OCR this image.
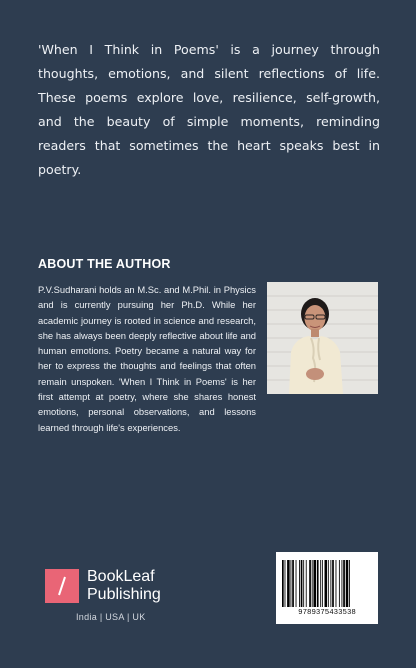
'When I Think in Poems' is a journey through thoughts, emotions, and silent reflections of life. These poems explore love, resilience, self-growth, and the beauty of simple moments, reminding readers that sometimes the heart speaks best in poetry.
ABOUT THE AUTHOR
P.V.Sudharani holds an M.Sc. and M.Phil. in Physics and is currently pursuing her Ph.D. While her academic journey is rooted in science and research, she has always been deeply reflective about life and human emotions. Poetry became a natural way for her to express the thoughts and feelings that often remain unspoken. 'When I Think in Poems' is her first attempt at poetry, where she shares honest emotions, personal observations, and lessons learned through life's experiences.
BookLeaf
Publishing
India | USA | UK	9789375433538
